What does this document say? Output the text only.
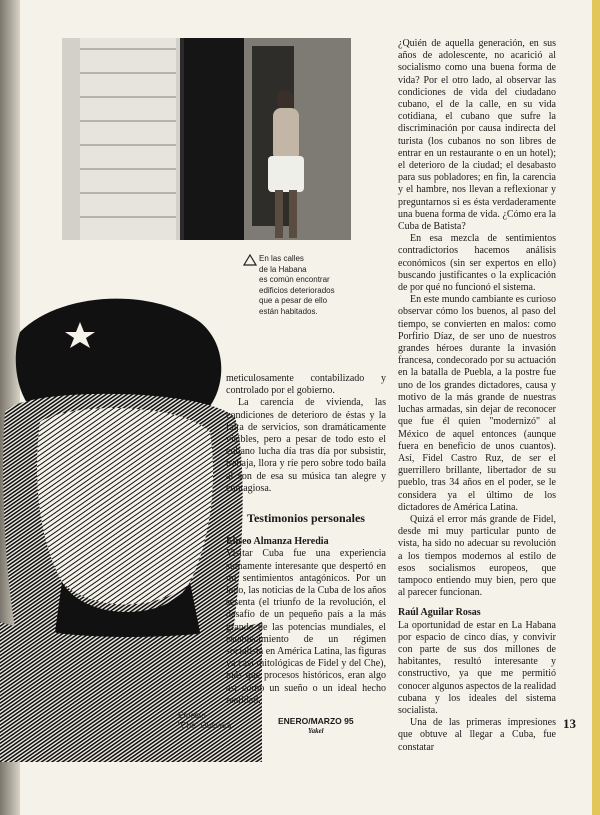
En las calles
de la Habana
es común encontrar
edificios deteriorados
que a pesar de ello
están habitados.

Ernesto
"Che" Guevara.

meticulosamente contabilizado y controlado por el gobierno.

La carencia de vivienda, las condiciones de deterioro de éstas y la falta de servicios, son dramáticamente visibles, pero a pesar de todo esto el cubano lucha día tras día por subsistir, trabaja, llora y ríe pero sobre todo baila al son de esa su música tan alegre y contagiosa.

Testimonios personales

Eliseo Almanza Heredia

Visitar Cuba fue una experiencia sumamente interesante que despertó en mí sentimientos antagónicos. Por un lado, las noticias de la Cuba de los años sesenta (el triunfo de la revolución, el desafío de un pequeño país a la más grande de las potencias mundiales, el establecimiento de un régimen socialista en América Latina, las figuras ya casi mitológicas de Fidel y del Che), más que procesos históricos, eran algo así como un sueño o un ideal hecho realidad.

¿Quién de aquella generación, en sus años de adolescente, no acarició al socialismo como una buena forma de vida? Por el otro lado, al observar las condiciones de vida del ciudadano cubano, el de la calle, en su vida cotidiana, el cubano que sufre la discriminación por causa indirecta del turista (los cubanos no son libres de entrar en un restaurante o en un hotel); el deterioro de la ciudad; el desabasto para sus pobladores; en fin, la carencia y el hambre, nos llevan a reflexionar y preguntarnos si es ésta verdaderamente una buena forma de vida. ¿Cómo era la Cuba de Batista?

En esa mezcla de sentimientos contradictorios hacemos análisis económicos (sin ser expertos en ello) buscando justificantes o la explicación de por qué no funcionó el sistema.

En este mundo cambiante es curioso observar cómo los buenos, al paso del tiempo, se convierten en malos: como Porfirio Díaz, de ser uno de nuestros grandes héroes durante la invasión francesa, condecorado por su actuación en la batalla de Puebla, a la postre fue uno de los grandes dictadores, causa y motivo de la más grande de nuestras luchas armadas, sin dejar de reconocer que fue él quien "modernizó" al México de aquel entonces (aunque fuera en beneficio de unos cuantos). Así, Fidel Castro Ruz, de ser el guerrillero brillante, libertador de su pueblo, tras 34 años en el poder, se le considera ya el último de los dictadores de América Latina.

Quizá el error más grande de Fidel, desde mi muy particular punto de vista, ha sido no adecuar su revolución a los tiempos modernos al estilo de esos socialismos europeos, que tampoco entiendo muy bien, pero que al parecer funcionan.

Raúl Aguilar Rosas

La oportunidad de estar en La Habana por espacio de cinco días, y convivir con parte de sus dos millones de habitantes, resultó interesante y constructivo, ya que me permitió conocer algunos aspectos de la realidad cubana y los ideales del sistema socialista.

Una de las primeras impresiones que obtuve al llegar a Cuba, fue constatar

ENERO/MARZO 95
Yakel	13
